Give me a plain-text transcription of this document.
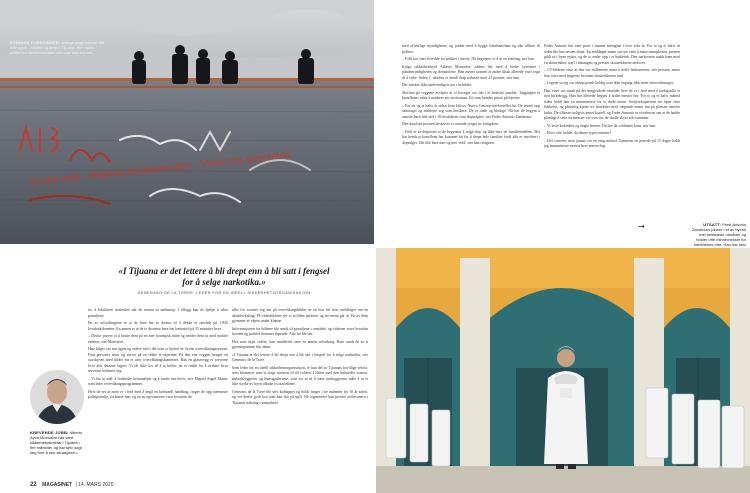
Ni una más · Mujeres desaparecidas · Vivas nos queremos
KVINNER FORSVINNER: Mange unge kvinner blir kidnappet, voldtatt og drept i Tijuana. Her vokter politiet en demonstrasjon mot vold mot kvinner.

med offentlige myndigheter, og jobber med å bygge lokalsamfunn og øke tilliten til politiet.

– Folk har vært livredde for politiet i årevis. Nå begynner vi å se en endring, sier han.

Ifølge sikkerhetsbyrå Alberto Monsalve, jobbes det med å bedre systemet i påtalemyndigheten og domstolene. Han mener uansett at andre tiltak allerede viser tegn til å virke. Siden 1. oktober er antall drap redusert med 24 prosent, sier han.

Det merkes ikke nødvendigvis ute i bybildet.

Skriften på veggene avslører at vi beveger oss inn i et belastet område. Taggingen er kartellenes måte å markere sitt territorium, litt som hunder pisser på hjørner.

– For ett og et halvt år siden kom Jalisco Nueva Generación-kartellet hit. De renset opp sabotaget og etablerte seg som herskere. De er onde og blodige. Nå har de begynt å ansette barn helt ned i 10-årsalderen som dopselgere, sier Fader Antonio Zambrano.

Den katolske presten beskriver et område tynget av fattigdom.

– Folk er så desperate at de begynner å selge dop, og ikke bare ett familiemedlem. Det har hendt at kartellene har kommet hit for å drepe hele familier fordi alle er involvert i dopsalget. Det blir bare mer og mer vold, sier han resignert.

Fader Antonio har vært prest i samme menighet i over seks år. For to og et halvt år siden ble han nesten drept. En middøper mann var ute etter å mase menigheten, presten gikk ut i byen nyker, og de to endte opp i et basketak. Den narkoraste stakk ham med en skrutrekker, traff i tinningen og presset skrutrekkeren nedover.

– CT-bildene viste at den var millimeter unna å treffe hulearterien, sier presten, mens han viser med fingrene hvordan skrutrekkeren traff.

– Legene sa jeg var eksepsjonelt heldig som ikke engang fikk noen etterwirkninger.

Han viser oss rundt på det inngjerdede området hver de er i ferd med å ferdigstille et nytt kirkebygg. Han har allerede begynt å holde messer her. For to og et halvt måned siden holdt han en minnemesse for to døde menn. Stoljerekopertene sto åpne etter lidtlielse, og plutselig kjørte tre lastebiler med væpnede menn inn på plassen utenfor kirka. De tilhørte troligvis annet kartell, og Fader Antonio er overbevist om at de hadde planlagt å sette en messen var over før de skulle skyte alle sammen.

– Vi laste kirkedørs og ringte barren. De dro da soldatene kom, sier han.

– Hvor ofte holder du denne typen messer?

– Det varierer, men januar var en tung måned. Gjennom en periode på 15 dager holdt jeg minnemesse nesten hver eneste dag.

→	UTSATT: Prest Antonio Zambrano jobber i et av byens mer belastede områder og holder ofte minnemesser for kartellenes ofre. Han har selv
«I Tijuana er det lettere å bli drept enn å bli satt i fengsel for å selge narkotika.»
GENERARO DE LA TORRE, LEDER FOR EN IDEELL SIKKERHETSORGANISASJON
KREVENDE JOBB: Alberto Ayón Monsalve har vært sikkerhetsdirektør i Tijuana i fire måneder og har selv sagt seg fore å snu situasjonen.

for å lokalisere mistenkte når de mottar et nødanrop. I tillegg kan de hjelpe å sikre patruljene.

En av utfordringene er at de bare har to droner til å dekke et område på 1.845 kvadratkilometer. En annen er at de to dronene bare har batteritid på 35 minutter hver.

– Derfor prøver vi å bruke dem på en mer strategisk måte og sender dem ut med mobile enheter, sier Monsalve.

Han følger oss inn igjen og videre ned i det som er hjertet av byens overvåkningssystem. Fem personer sitter og stirrer på en rekke tv-skjermer. På den ene veggen henger en storskjerm med bilder fra et utav overvåkningskameraer. Bak en glassvegg er serverne hvor alle dataene lagres. Vi får ikke lov til å ta bilder, da er redde for å avsløre hvor serverne befinner seg.

– Vi har to mål: å forhindre kriminalitet og å samle inn bevis, sier Miguel Angel Marin, som leder overvåkingsprogrammet.

Hvis de ser at noen er i ferd med å begå en kriminell handling, ringer de opp nærmeste politipatrulje, forklarer han, og en av operatørene viser hvordan de

ulke for soomer seg inn på overvåkingsbilder av en bvit bil etter meldinger om en skuddveksling. På videobildene ser vi at bilen parkerer og tre menn går ut. En av dem gjemmer et våpen under klærne.

Informasjonen fra bildene ble sendt til patruljene i området, og videoen viser hvordan havnen og politiet kommer løpende. Alle tre ble tatt.

Hva som skjer videre, kan imidlertid være en annen utfordring. Bare rundt én av ti gjerningsmenn blir dømt.

«I Tijuana er det lettere å bli drept enn å bli satt i fengsel for å selge narkotika, sier Generaro de la Torre.

Som leder for en ideell sikkerhetsorganisasjon, er han del av Tijuanas frivillige sektor, som blomstrer som et slags motsvar til all volden. I likhet med den kulturelle scenen, mikrobryggerier og kunstgalleriene, som ser ut til å være innbyggernes måte å ta et litte styrke av byen tilbake fra kartellene.

Generaro de la Torre ble selv kidnappet og holdt fanget i tre måneder for 16 år siden, og vet derfor godt hva som kan skå på spill. Nå organiserer han private ordrerunern i Tijuanas nabolag i samarbeid

22 MAGASINET | 14. MARS 2020
